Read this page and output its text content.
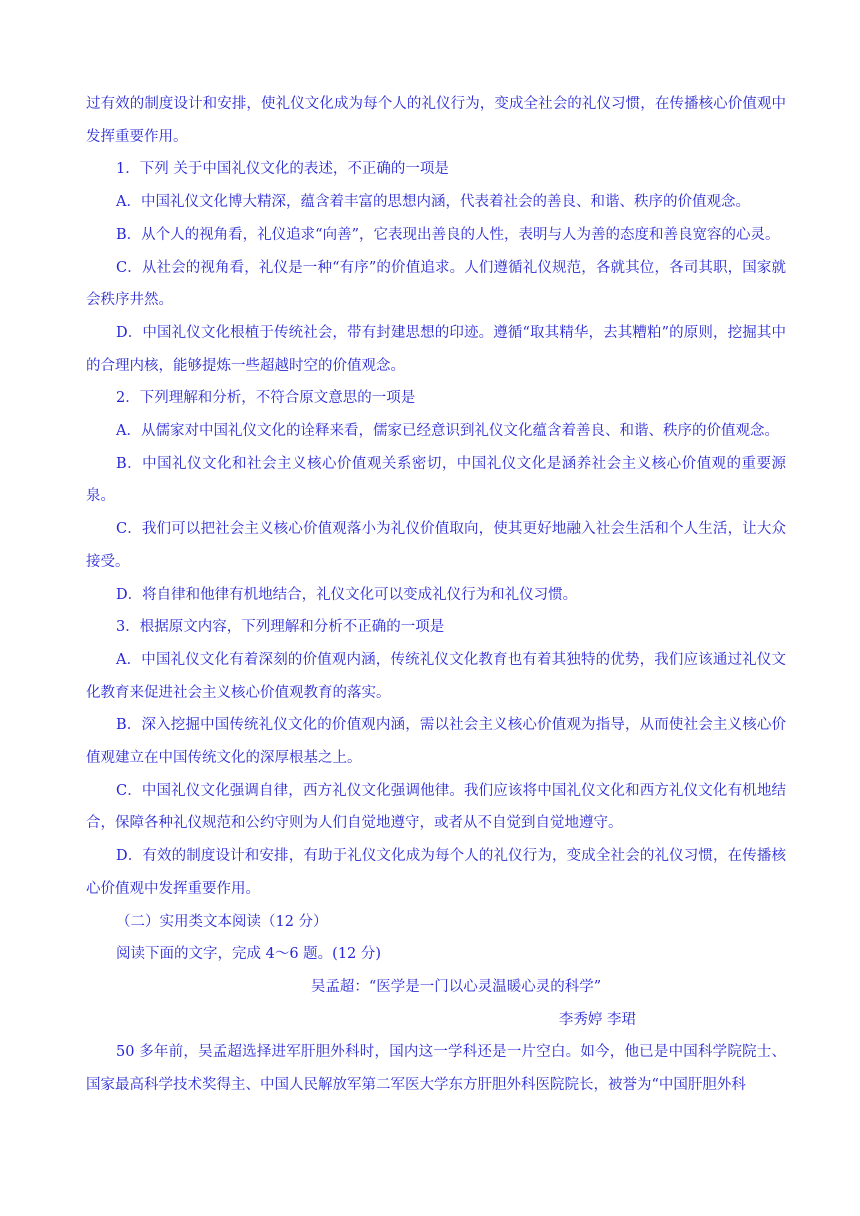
过有效的制度设计和安排，使礼仪文化成为每个人的礼仪行为，变成全社会的礼仪习惯，在传播核心价值观中发挥重要作用。

1．下列 关于中国礼仪文化的表述，不正确的一项是

A．中国礼仪文化博大精深，蕴含着丰富的思想内涵，代表着社会的善良、和谐、秩序的价值观念。

B．从个人的视角看，礼仪追求“向善”，它表现出善良的人性，表明与人为善的态度和善良宽容的心灵。

C．从社会的视角看，礼仪是一种“有序”的价值追求。人们遵循礼仪规范，各就其位，各司其职，国家就会秩序井然。

D．中国礼仪文化根植于传统社会，带有封建思想的印迹。遵循“取其精华，去其糟粕”的原则，挖掘其中的合理内核，能够提炼一些超越时空的价值观念。

2．下列理解和分析，不符合原文意思的一项是

A．从儒家对中国礼仪文化的诠释来看，儒家已经意识到礼仪文化蕴含着善良、和谐、秩序的价值观念。

B．中国礼仪文化和社会主义核心价值观关系密切，中国礼仪文化是涵养社会主义核心价值观的重要源泉。

C．我们可以把社会主义核心价值观落小为礼仪价值取向，使其更好地融入社会生活和个人生活，让大众接受。

D．将自律和他律有机地结合，礼仪文化可以变成礼仪行为和礼仪习惯。

3．根据原文内容，下列理解和分析不正确的一项是

A．中国礼仪文化有着深刻的价值观内涵，传统礼仪文化教育也有着其独特的优势，我们应该通过礼仪文化教育来促进社会主义核心价值观教育的落实。

B．深入挖掘中国传统礼仪文化的价值观内涵，需以社会主义核心价值观为指导，从而使社会主义核心价值观建立在中国传统文化的深厚根基之上。

C．中国礼仪文化强调自律，西方礼仪文化强调他律。我们应该将中国礼仪文化和西方礼仪文化有机地结合，保障各种礼仪规范和公约守则为人们自觉地遵守，或者从不自觉到自觉地遵守。

D．有效的制度设计和安排，有助于礼仪文化成为每个人的礼仪行为，变成全社会的礼仪习惯，在传播核心价值观中发挥重要作用。

（二）实用类文本阅读（12 分）

阅读下面的文字，完成 4～6 题。(12 分)

吴孟超：“医学是一门以心灵温暖心灵的科学”

李秀婷 李珺

50 多年前，吴孟超选择进军肝胆外科时，国内这一学科还是一片空白。如今，他已是中国科学院院士、国家最高科学技术奖得主、中国人民解放军第二军医大学东方肝胆外科医院院长，被誉为“中国肝胆外科
